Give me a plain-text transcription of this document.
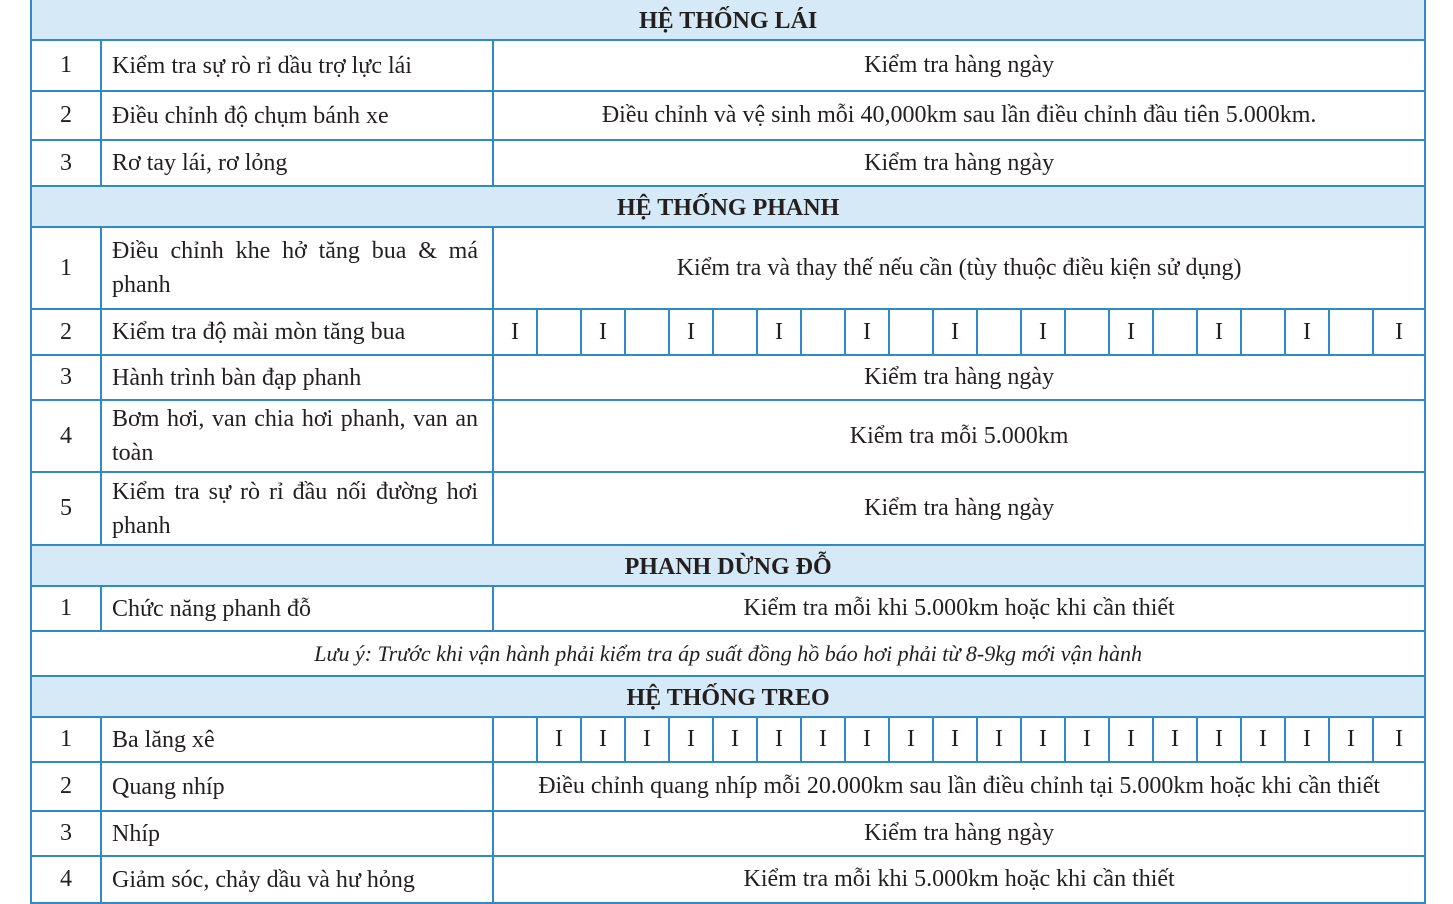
HỆ THỐNG LÁI																						
1	Kiểm tra sự rò rỉ dầu trợ lực lái	Kiểm tra hàng ngày																				
2	Điều chỉnh độ chụm bánh xe	Điều chỉnh và vệ sinh mỗi 40,000km sau lần điều chỉnh đầu tiên 5.000km.																				
3	Rơ tay lái, rơ lỏng	Kiểm tra hàng ngày																				
HỆ THỐNG PHANH																						
1	Điều chỉnh khe hở tăng bua & má phanh	Kiểm tra và thay thế nếu cần (tùy thuộc điều kiện sử dụng)																				
2	Kiểm tra độ mài mòn tăng bua	I		I		I		I		I		I		I		I		I		I		I
3	Hành trình bàn đạp phanh	Kiểm tra hàng ngày																				
4	Bơm hơi, van chia hơi phanh, van an toàn	Kiểm tra mỗi 5.000km																				
5	Kiểm tra sự rò rỉ đầu nối đường hơi phanh	Kiểm tra hàng ngày																				
PHANH DỪNG ĐỖ																						
1	Chức năng phanh đỗ	Kiểm tra mỗi khi 5.000km hoặc khi cần thiết																				
Lưu ý: Trước khi vận hành phải kiểm tra áp suất đồng hồ báo hơi phải từ 8-9kg mới vận hành																						
HỆ THỐNG TREO																						
1	Ba lăng xê		I	I	I	I	I	I	I	I	I	I	I	I	I	I	I	I	I	I	I	I
2	Quang nhíp	Điều chỉnh quang nhíp mỗi 20.000km sau lần điều chỉnh tại 5.000km hoặc khi cần thiết																				
3	Nhíp	Kiểm tra hàng ngày																				
4	Giảm sóc, chảy dầu và hư hỏng	Kiểm tra mỗi khi 5.000km hoặc khi cần thiết																				
